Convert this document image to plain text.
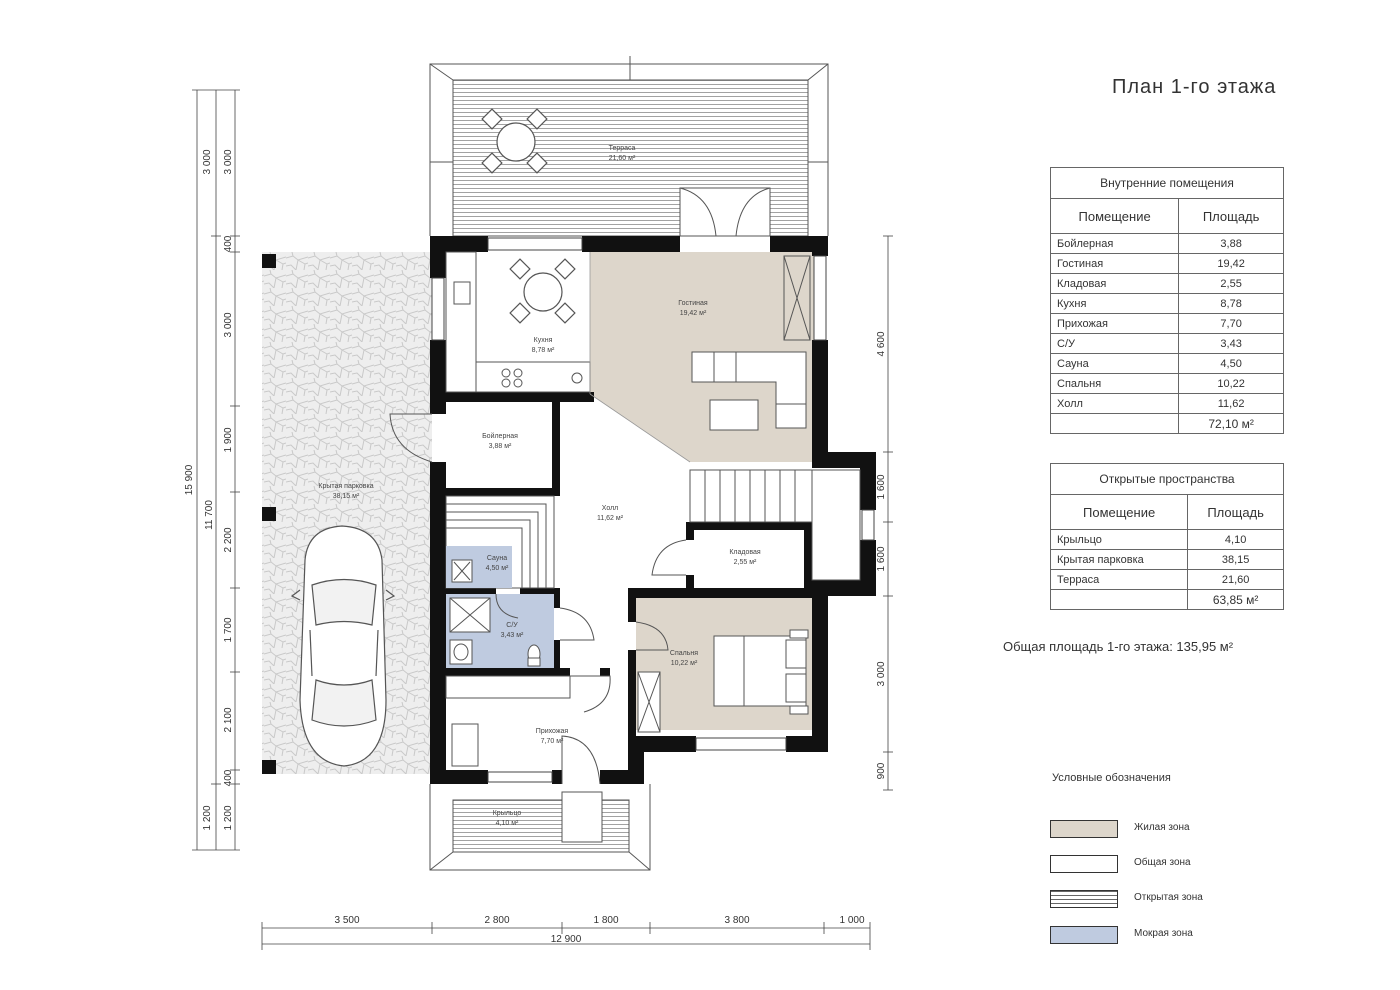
Терраса
21,60 м²
Гостиная
19,42 м²
Кухня
8,78 м²
Крытая парковка
38,15 м²
Бойлерная
3,88 м²
Холл
11,62 м²
Сауна
4,50 м²
Кладовая
2,55 м²
С/У
3,43 м²
Спальня
10,22 м²
Прихожая
7,70 м²
Крыльцо
4,10 м²
3 000
15 900
1 200
11 700
3 000
400
3 000
1 900
2 200
1 700
2 100
400
1 200
4 600
1 600
1 600
3 000
900
3 500	2 800	1 800	3 800	1 000
12 900
План 1-го этажа
Внутренние помещения	
Помещение	Площадь
Бойлерная	3,88
Гостиная	19,42
Кладовая	2,55
Кухня	8,78
Прихожая	7,70
С/У	3,43
Сауна	4,50
Спальня	10,22
Холл	11,62
	72,10 м²
Открытые пространства	
Помещение	Площадь
Крыльцо	4,10
Крытая парковка	38,15
Терраса	21,60
	63,85 м²
Общая площадь 1-го этажа: 135,95 м²
Условные обозначения
Жилая зона
Общая зона
Открытая зона
Мокрая зона
